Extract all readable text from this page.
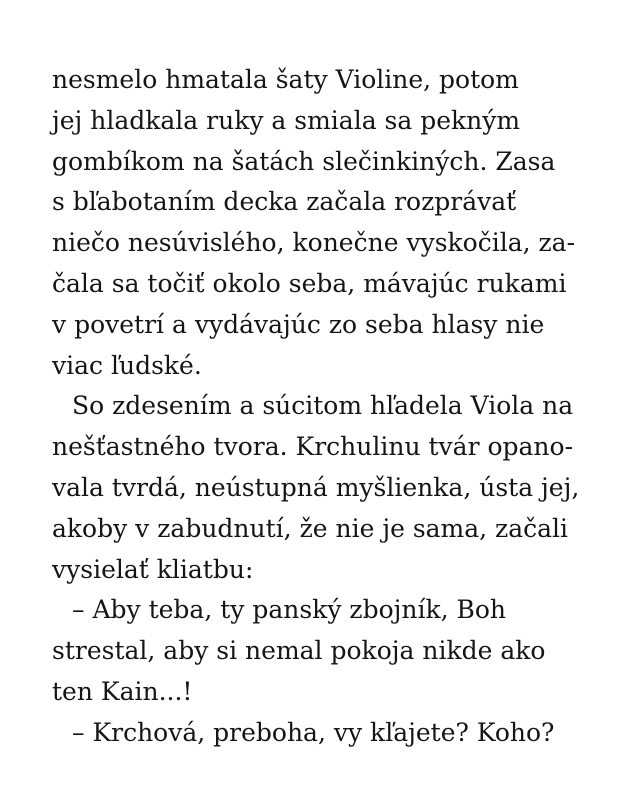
nesmelo hmatala šaty Violine, potom
jej hladkala ruky a smiala sa pekným
gombíkom na šatách slečinkiných. Zasa
s bľabotaním decka začala rozprávať
niečo nesúvislého, konečne vyskočila, za-
čala sa točiť okolo seba, mávajúc rukami
v povetrí a vydávajúc zo seba hlasy nie
viac ľudské.
So zdesením a súcitom hľadela Viola na
nešťastného tvora. Krchulinu tvár opano-
vala tvrdá, neústupná myšlienka, ústa jej,
akoby v zabudnutí, že nie je sama, začali
vysielať kliatbu:
– Aby teba, ty panský zbojník, Boh
strestal, aby si nemal pokoja nikde ako
ten Kain...!
– Krchová, preboha, vy kľajete? Koho?
